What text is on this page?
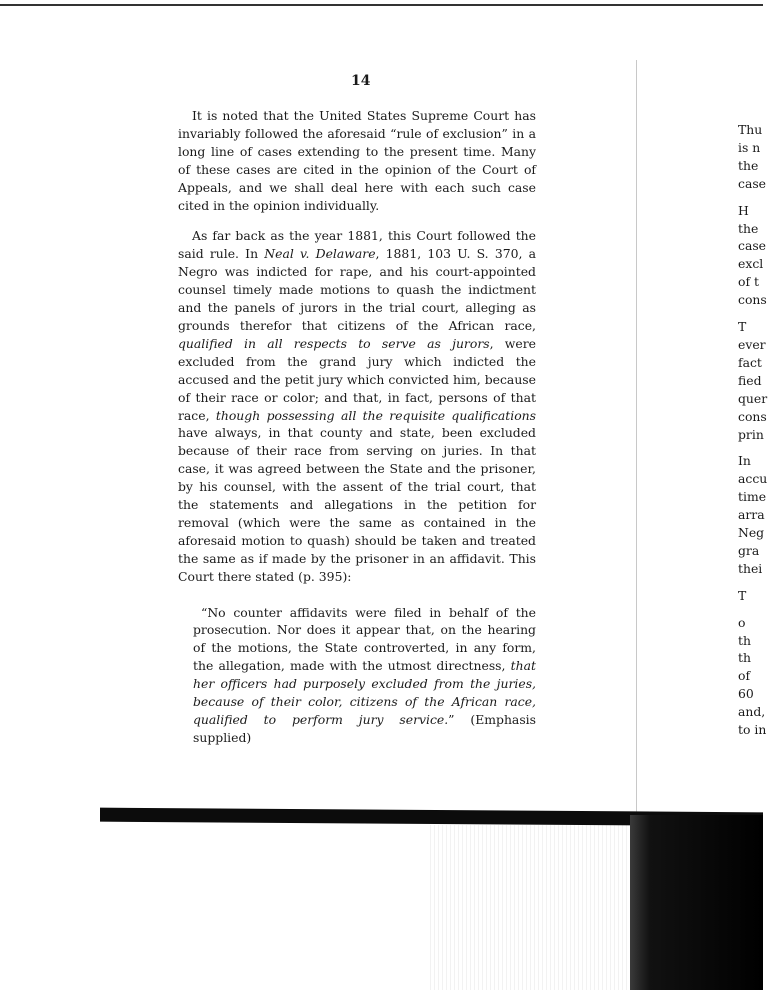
14
It is noted that the United States Supreme Court has invariably followed the aforesaid “rule of exclusion” in a long line of cases extending to the present time. Many of these cases are cited in the opinion of the Court of Appeals, and we shall deal here with each such case cited in the opinion individually.
As far back as the year 1881, this Court followed the said rule. In Neal v. Delaware, 1881, 103 U. S. 370, a Negro was indicted for rape, and his court-appointed counsel timely made motions to quash the indictment and the panels of jurors in the trial court, alleging as grounds therefor that citizens of the African race, qualified in all respects to serve as jurors, were excluded from the grand jury which indicted the accused and the petit jury which convicted him, because of their race or color; and that, in fact, persons of that race, though possessing all the requisite qualifications have always, in that county and state, been excluded because of their race from serving on juries. In that case, it was agreed between the State and the prisoner, by his counsel, with the assent of the trial court, that the statements and allegations in the petition for removal (which were the same as contained in the aforesaid motion to quash) should be taken and treated the same as if made by the prisoner in an affidavit. This Court there stated (p. 395):
“No counter affidavits were filed in behalf of the prosecution. Nor does it appear that, on the hearing of the motions, the State controverted, in any form, the allegation, made with the utmost directness, that her officers had purposely excluded from the juries, because of their color, citizens of the African race, qualified to perform jury service.” (Emphasis supplied)
Thu
is n
the
case
H
the
case
excl
of t
cons
T
ever
fact
fied
quer
cons
prin
In
accu
time
arra
Neg
gra
thei
T
o
th
th
of
60
and,
to in
